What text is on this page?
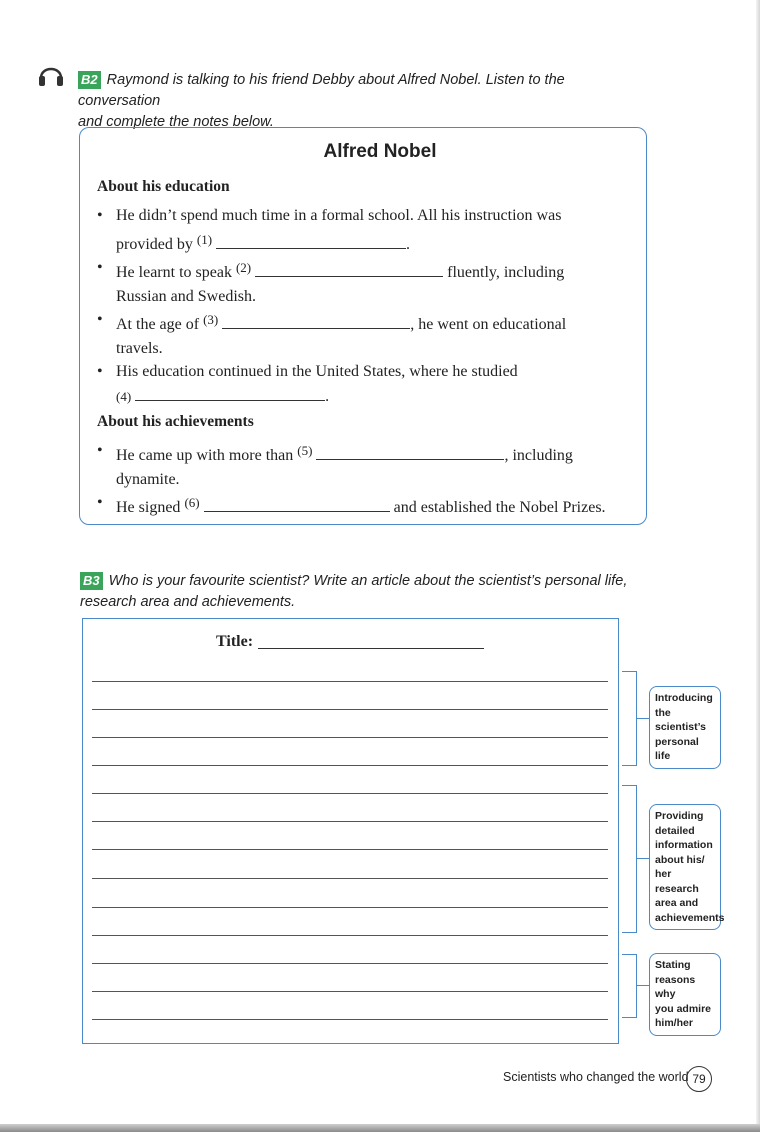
B2 Raymond is talking to his friend Debby about Alfred Nobel. Listen to the conversation
and complete the notes below.
Alfred Nobel
About his education
• He didn’t spend much time in a formal school. All his instruction was
provided by $^{(1)}$	.
• He learnt to speak $^{(2)}$	fluently, including
Russian and Swedish.
• At the age of $^{(3)}$	, he went on educational
travels.
• His education continued in the United States, where he studied
(4)	.
About his achievements
• He came up with more than $^{(5)}$	, including
dynamite.
• He signed $^{(6)}$	and established the Nobel Prizes.
B3 Who is your favourite scientist? Write an article about the scientist’s personal life,
research area and achievements.
Title:
Introducing
the
scientist’s
personal life
Providing
detailed
information
about his/
her research
area and
achievements
Stating
reasons why
you admire
him/her
Scientists who changed the world 79
